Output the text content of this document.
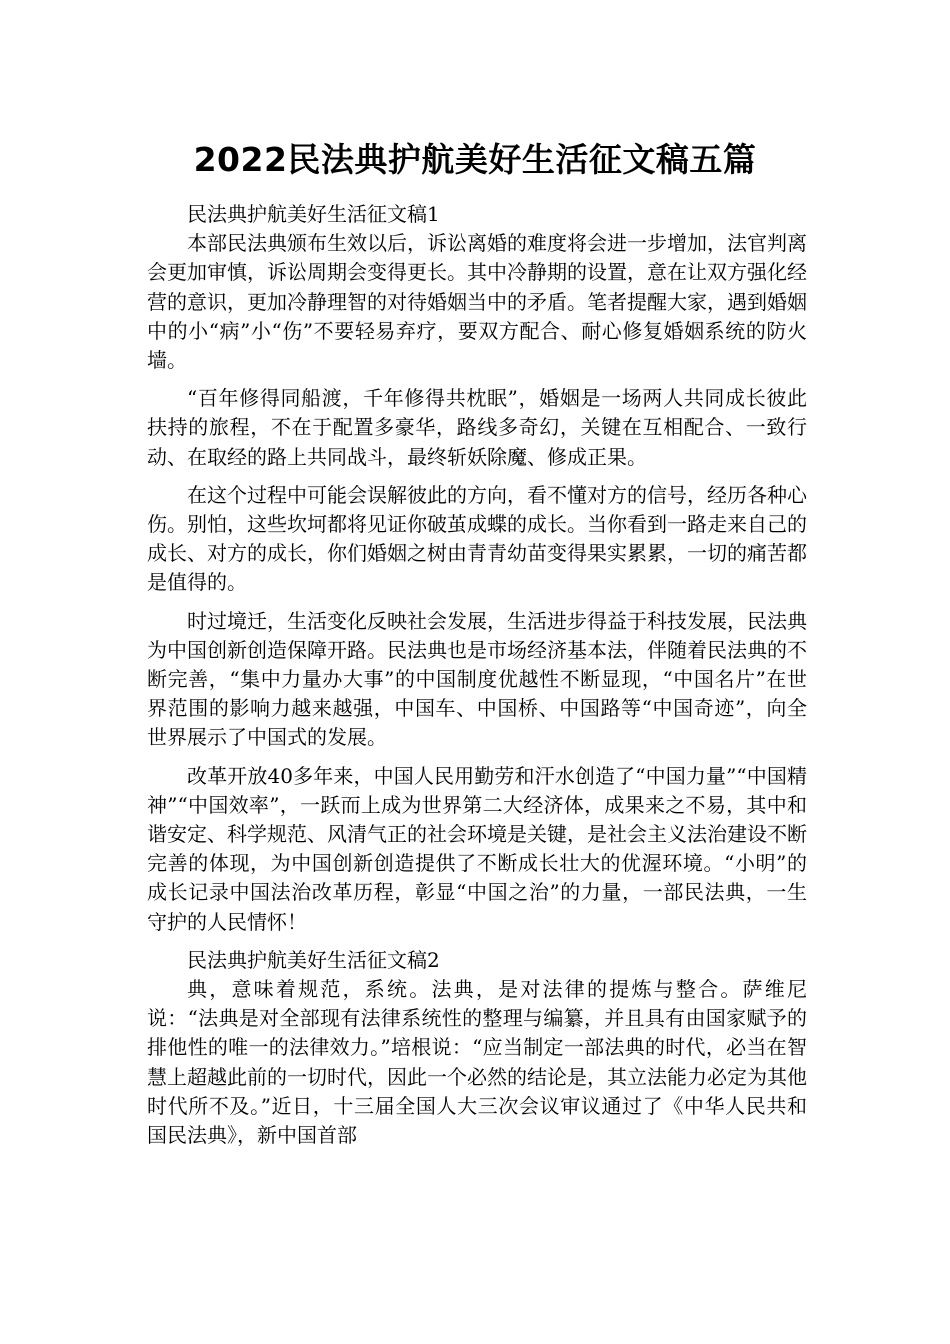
2022民法典护航美好生活征文稿五篇

民法典护航美好生活征文稿1

本部民法典颁布生效以后，诉讼离婚的难度将会进一步增加，法官判离会更加审慎，诉讼周期会变得更长。其中冷静期的设置，意在让双方强化经营的意识，更加冷静理智的对待婚姻当中的矛盾。笔者提醒大家，遇到婚姻中的小“病”小“伤”不要轻易弃疗，要双方配合、耐心修复婚姻系统的防火墙。

“百年修得同船渡，千年修得共枕眠”，婚姻是一场两人共同成长彼此扶持的旅程，不在于配置多豪华，路线多奇幻，关键在互相配合、一致行动、在取经的路上共同战斗，最终斩妖除魔、修成正果。

在这个过程中可能会误解彼此的方向，看不懂对方的信号，经历各种心伤。别怕，这些坎坷都将见证你破茧成蝶的成长。当你看到一路走来自己的成长、对方的成长，你们婚姻之树由青青幼苗变得果实累累，一切的痛苦都是值得的。

时过境迁，生活变化反映社会发展，生活进步得益于科技发展，民法典为中国创新创造保障开路。民法典也是市场经济基本法，伴随着民法典的不断完善，“集中力量办大事”的中国制度优越性不断显现，“中国名片”在世界范围的影响力越来越强，中国车、中国桥、中国路等“中国奇迹”，向全世界展示了中国式的发展。

改革开放40多年来，中国人民用勤劳和汗水创造了“中国力量”“中国精神”“中国效率”，一跃而上成为世界第二大经济体，成果来之不易，其中和谐安定、科学规范、风清气正的社会环境是关键，是社会主义法治建设不断完善的体现，为中国创新创造提供了不断成长壮大的优渥环境。“小明”的成长记录中国法治改革历程，彰显“中国之治”的力量，一部民法典，一生守护的人民情怀！

民法典护航美好生活征文稿2

典，意味着规范，系统。法典，是对法律的提炼与整合。萨维尼说：“法典是对全部现有法律系统性的整理与编纂，并且具有由国家赋予的排他性的唯一的法律效力。”培根说：“应当制定一部法典的时代，必当在智慧上超越此前的一切时代，因此一个必然的结论是，其立法能力必定为其他时代所不及。”近日，十三届全国人大三次会议审议通过了《中华人民共和国民法典》，新中国首部
